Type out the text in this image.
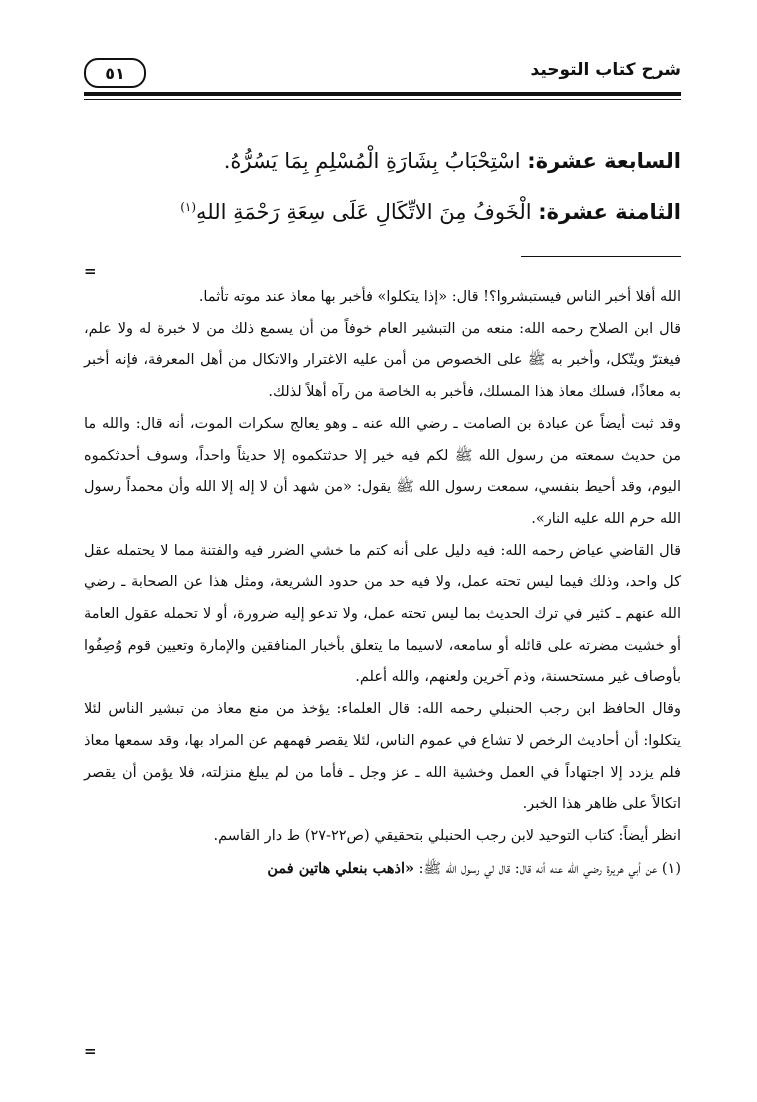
شرح كتاب التوحيد
٥١
السابعة عشرة: اسْتِحْبَابُ بِشَارَةِ الْمُسْلِمِ بِمَا يَسُرُّهُ.
الثامنة عشرة: الْخَوفُ مِنَ الاتِّكَالِ عَلَى سِعَةِ رَحْمَةِ اللهِ$^{(١)}$
=

الله أفلا أخبر الناس فيستبشروا؟! قال: «إذا يتكلوا» فأخبر بها معاذ عند موته تأثما.

قال ابن الصلاح رحمه الله: منعه من التبشير العام خوفاً من أن يسمع ذلك من لا خبرة له ولا علم، فيغترّ ويتّكل، وأخبر به ﷺ على الخصوص من أمن عليه الاغترار والاتكال من أهل المعرفة، فإنه أخبر به معاذًا، فسلك معاذ هذا المسلك، فأخبر به الخاصة من رآه أهلاً لذلك.

وقد ثبت أيضاً عن عبادة بن الصامت ـ رضي الله عنه ـ وهو يعالج سكرات الموت، أنه قال: والله ما من حديث سمعته من رسول الله ﷺ لكم فيه خير إلا حدثتكموه إلا حديثاً واحداً، وسوف أحدثكموه اليوم، وقد أحيط بنفسي، سمعت رسول الله ﷺ يقول: «من شهد أن لا إله إلا الله وأن محمداً رسول الله حرم الله عليه النار».

قال القاضي عياض رحمه الله: فيه دليل على أنه كتم ما خشي الضرر فيه والفتنة مما لا يحتمله عقل كل واحد، وذلك فيما ليس تحته عمل، ولا فيه حد من حدود الشريعة، ومثل هذا عن الصحابة ـ رضي الله عنهم ـ كثير في ترك الحديث بما ليس تحته عمل، ولا تدعو إليه ضرورة، أو لا تحمله عقول العامة أو خشيت مضرته على قائله أو سامعه، لاسيما ما يتعلق بأخبار المنافقين والإمارة وتعيين قوم وُصِفُوا بأوصاف غير مستحسنة، وذم آخرين ولعنهم، والله أعلم.

وقال الحافظ ابن رجب الحنبلي رحمه الله: قال العلماء: يؤخذ من منع معاذ من تبشير الناس لئلا يتكلوا: أن أحاديث الرخص لا تشاع في عموم الناس، لئلا يقصر فهمهم عن المراد بها، وقد سمعها معاذ فلم يزدد إلا اجتهاداً في العمل وخشية الله ـ عز وجل ـ فأما من لم يبلغ منزلته، فلا يؤمن أن يقصر اتكالاً على ظاهر هذا الخبر.

انظر أيضاً: كتاب التوحيد لابن رجب الحنبلي بتحقيقي (ص٢٢-٢٧) ط دار القاسم.

(١) عن أبي هريرة رضي الله عنه أنه قال: قال لي رسول الله ﷺ: «اذهب بنعلي هاتين فمن

=
